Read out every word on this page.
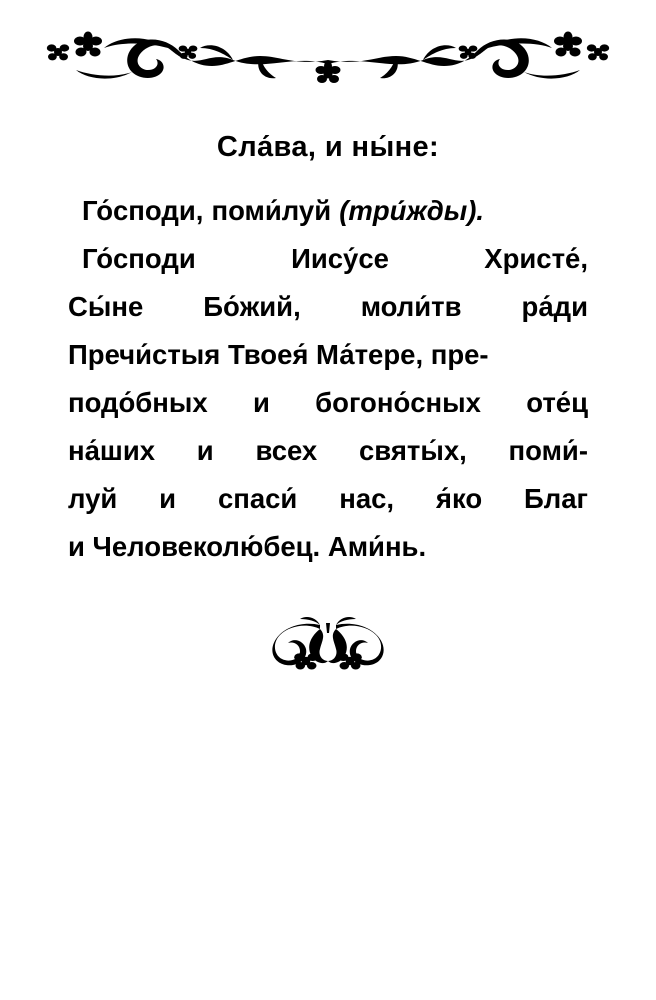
Сла́ва, и ны́не:

Го́споди, поми́луй (три́жды).

Го́споди	Иису́се	Христе́,
Сы́не Бо́жий, моли́тв ра́ди
Пречи́стыя Твоея́ Ма́тере, пре-
подо́бных и богоно́сных оте́ц
на́ших и всех святы́х, поми́-
луй и спаси́ нас, я́ко Благ
и Человеколю́бец. Ами́нь.
